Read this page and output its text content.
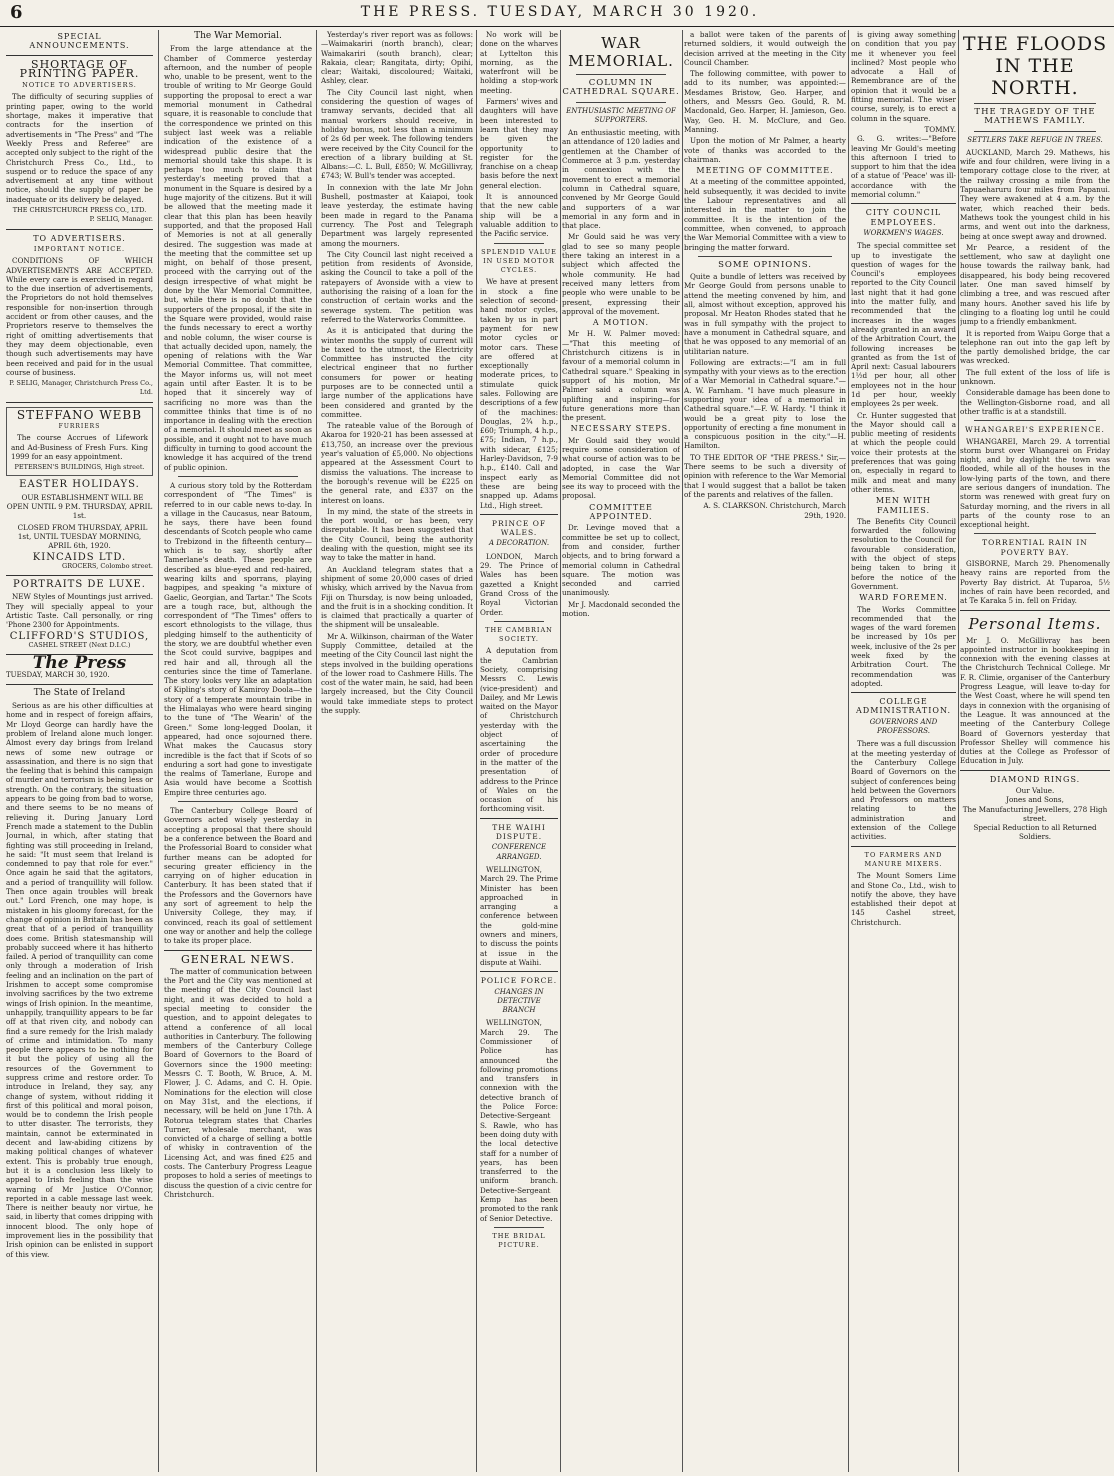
6	THE PRESS. TUESDAY, MARCH 30 1920.
SPECIAL ANNOUNCEMENTS.
SHORTAGE OF PRINTING PAPER.
NOTICE TO ADVERTISERS.

The difficulty of securing supplies of printing paper, owing to the world shortage, makes it imperative that contracts for the insertion of advertisements in "The Press" and "The Weekly Press and Referee" are accepted only subject to the right of the Christchurch Press Co., Ltd., to suspend or to reduce the space of any advertisement at any time without notice, should the supply of paper be inadequate or its delivery be delayed.

THE CHRISTCHURCH PRESS CO., LTD.
P. SELIG, Manager.
TO ADVERTISERS.
IMPORTANT NOTICE.

CONDITIONS OF WHICH ADVERTISEMENTS ARE ACCEPTED. While every care is exercised in regard to the due insertion of advertisements, the Proprietors do not hold themselves responsible for non-insertion through accident or from other causes, and the Proprietors reserve to themselves the right of omitting advertisements that they may deem objectionable, even though such advertisements may have been received and paid for in the usual course of business.

P. SELIG, Manager, Christchurch Press Co., Ltd.
STEFFANO WEBB
FURRIERS

The course Accrues of Lifework and Ad-Business of Fresh Furs. King 1999 for an easy appointment.

PETERSEN'S BUILDINGS, High street.
EASTER HOLIDAYS.

OUR ESTABLISHMENT WILL BE OPEN UNTIL 9 P.M. THURSDAY, APRIL 1st.

CLOSED FROM THURSDAY, APRIL 1st, UNTIL TUESDAY MORNING, APRIL 6th, 1920.

KINCAIDS LTD.
GROCERS, Colombo street.
PORTRAITS DE LUXE.

NEW Styles of Mountings just arrived. They will specially appeal to your Artistic Taste. Call personally, or ring 'Phone 2300 for Appointments.

CLIFFORD'S STUDIOS,
CASHEL STREET (Next D.I.C.)
The Press
TUESDAY, MARCH 30, 1920.
The State of Ireland

Serious as are his other difficulties at home and in respect of foreign affairs, Mr Lloyd George can hardly have the problem of Ireland alone much longer. Almost every day brings from Ireland news of some new outrage or assassination, and there is no sign that the feeling that is behind this campaign of murder and terrorism is being less or strength. On the contrary, the situation appears to be going from bad to worse, and there seems to be no means of relieving it. During January Lord French made a statement to the Dublin Journal, in which, after stating that fighting was still proceeding in Ireland, he said: "It must seem that Ireland is condemned to pay that role for ever." Once again he said that the agitators, and a period of tranquillity will follow. Then once again troubles will break out." Lord French, one may hope, is mistaken in his gloomy forecast, for the change of opinion in Britain has been as great that of a period of tranquillity does come. British statesmanship will probably succeed where it has hitherto failed. A period of tranquillity can come only through a moderation of Irish feeling and an inclination on the part of Irishmen to accept some compromise involving sacrifices by the two extreme wings of Irish opinion. In the meantime, unhappily, tranquillity appears to be far off at that riven city, and nobody can find a sure remedy for the Irish malady of crime and intimidation. To many people there appears to be nothing for it but the policy of using all the resources of the Government to suppress crime and restore order. To introduce in Ireland, they say, any change of system, without ridding it first of this political and moral poison, would be to condemn the Irish people to utter disaster. The terrorists, they maintain, cannot be exterminated in decent and law-abiding citizens by making political changes of whatever extent. This is probably true enough, but it is a conclusion less likely to appeal to Irish feeling than the wise warning of Mr Justice O'Connor, reported in a cable message last week. There is neither beauty nor virtue, he said, in liberty that comes dripping with innocent blood. The only hope of improvement lies in the possibility that Irish opinion can be enlisted in support of this view.

The War Memorial.

From the large attendance at the Chamber of Commerce yesterday afternoon, and the number of people who, unable to be present, went to the trouble of writing to Mr George Gould supporting the proposal to erect a war memorial monument in Cathedral square, it is reasonable to conclude that the correspondence we printed on this subject last week was a reliable indication of the existence of a widespread public desire that the memorial should take this shape. It is perhaps too much to claim that yesterday's meeting proved that a monument in the Square is desired by a huge majority of the citizens. But it will be allowed that the meeting made it clear that this plan has been heavily supported, and that the proposed Hall of Memories is not at all generally desired. The suggestion was made at the meeting that the committee set up might, on behalf of those present, proceed with the carrying out of the design irrespective of what might be done by the War Memorial Committee, but, while there is no doubt that the supporters of the proposal, if the site in the Square were provided, would raise the funds necessary to erect a worthy and noble column, the wiser course is that actually decided upon, namely, the opening of relations with the War Memorial Committee. That committee, the Mayor informs us, will not meet again until after Easter. It is to be hoped that it sincerely way of sacrificing no more was than the committee thinks that time is of no importance in dealing with the erection of a memorial. It should meet as soon as possible, and it ought not to have much difficulty in turning to good account the knowledge it has acquired of the trend of public opinion.

A curious story told by the Rotterdam correspondent of "The Times" is referred to in our cable news to-day. In a village in the Caucasus, near Batoum, he says, there have been found descendants of Scotch people who came to Trebizond in the fifteenth century—which is to say, shortly after Tamerlane's death. These people are described as blue-eyed and red-haired, wearing kilts and sporrans, playing bagpipes, and speaking "a mixture of Gaelic, Georgian, and Tartar." The Scots are a tough race, but, although the correspondent of "The Times" offers to escort ethnologists to the village, thus pledging himself to the authenticity of the story, we are doubtful whether even the Scot could survive, bagpipes and red hair and all, through all the centuries since the time of Tamerlane. The story looks very like an adaptation of Kipling's story of Kamiroy Doola—the story of a temperate mountain tribe in the Himalayas who were heard singing to the tune of "The Wearin' of the Green." Some long-legged Doolan, it appeared, had once sojourned there. What makes the Caucasus story incredible is the fact that if Scots of so enduring a sort had gone to investigate the realms of Tamerlane, Europe and Asia would have become a Scottish Empire three centuries ago.

The Canterbury College Board of Governors acted wisely yesterday in accepting a proposal that there should be a conference between the Board and the Professorial Board to consider what further means can be adopted for securing greater efficiency in the carrying on of higher education in Canterbury. It has been stated that if the Professors and the Governors have any sort of agreement to help the University College, they may, if convinced, reach its goal of settlement one way or another and help the college to take its proper place.

GENERAL NEWS.

The matter of communication between the Port and the City was mentioned at the meeting of the City Council last night, and it was decided to hold a special meeting to consider the question, and to appoint delegates to attend a conference of all local authorities in Canterbury. The following members of the Canterbury College Board of Governors to the Board of Governors since the 1900 meeting: Messrs C. T. Booth, W. Bruce, A. M. Flower, J. C. Adams, and C. H. Opie. Nominations for the election will close on May 31st, and the elections, if necessary, will be held on June 17th. A Rotorua telegram states that Charles Turner, wholesale merchant, was convicted of a charge of selling a bottle of whisky in contravention of the Licensing Act, and was fined £25 and costs. The Canterbury Progress League proposes to hold a series of meetings to discuss the question of a civic centre for Christchurch.

Yesterday's river report was as follows:—Waimakariri (north branch), clear; Waimakariri (south branch), clear; Rakaia, clear; Rangitata, dirty; Opihi, clear; Waitaki, discoloured; Waitaki, Ashley, clear.

The City Council last night, when considering the question of wages of tramway servants, decided that all manual workers should receive, in holiday bonus, not less than a minimum of 2s 6d per week. The following tenders were received by the City Council for the erection of a library building at St. Albans:—C. L. Bull, £850; W. McGillivray, £743; W. Bull's tender was accepted.

In connexion with the late Mr John Bushell, postmaster at Kaiapoi, took leave yesterday, the estimate having been made in regard to the Panama currency. The Post and Telegraph Department was largely represented among the mourners.

The City Council last night received a petition from residents of Avonside, asking the Council to take a poll of the ratepayers of Avonside with a view to authorising the raising of a loan for the construction of certain works and the sewerage system. The petition was referred to the Waterworks Committee.

As it is anticipated that during the winter months the supply of current will be taxed to the utmost, the Electricity Committee has instructed the city electrical engineer that no further consumers for power or heating purposes are to be connected until a large number of the applications have been considered and granted by the committee.

The rateable value of the Borough of Akaroa for 1920-21 has been assessed at £13,750, an increase over the previous year's valuation of £5,000. No objections appeared at the Assessment Court to dismiss the valuations. The increase to the borough's revenue will be £225 on the general rate, and £337 on the interest on loans.

In my mind, the state of the streets in the port would, or has been, very disreputable. It has been suggested that the City Council, being the authority dealing with the question, might see its way to take the matter in hand.

An Auckland telegram states that a shipment of some 20,000 cases of dried whisky, which arrived by the Navua from Fiji on Thursday, is now being unloaded, and the fruit is in a shocking condition. It is claimed that practically a quarter of the shipment will be unsaleable.

Mr A. Wilkinson, chairman of the Water Supply Committee, detailed at the meeting of the City Council last night the steps involved in the building operations of the lower road to Cashmere Hills. The cost of the water main, he said, had been largely increased, but the City Council would take immediate steps to protect the supply.

No work will be done on the wharves at Lyttelton this morning, as the waterfront will be holding a stop-work meeting.

Farmers' wives and daughters will have been interested to learn that they may be given the opportunity to register for the franchise on a cheap basis before the next general election.

It is announced that the new cable ship will be a valuable addition to the Pacific service.

SPLENDID VALUE IN USED MOTOR CYCLES.

We have at present in stock a fine selection of second-hand motor cycles, taken by us in part payment for new motor cycles or motor cars. These are offered at exceptionally moderate prices, to stimulate quick sales. Following are descriptions of a few of the machines: Douglas, 2¾ h.p., £60; Triumph, 4 h.p., £75; Indian, 7 h.p., with sidecar, £125; Harley-Davidson, 7-9 h.p., £140. Call and inspect early as these are being snapped up. Adams Ltd., High street.

PRINCE OF WALES.
A DECORATION.

LONDON, March 29. The Prince of Wales has been gazetted a Knight Grand Cross of the Royal Victorian Order.

THE CAMBRIAN SOCIETY.

A deputation from the Cambrian Society, comprising Messrs C. Lewis (vice-president) and Dailey, and Mr Lewis waited on the Mayor of Christchurch yesterday with the object of ascertaining the order of procedure in the matter of the presentation of address to the Prince of Wales on the occasion of his forthcoming visit.

THE WAIHI DISPUTE.
CONFERENCE ARRANGED.

WELLINGTON, March 29. The Prime Minister has been approached in arranging a conference between the gold-mine owners and miners, to discuss the points at issue in the dispute at Waihi.

POLICE FORCE.
CHANGES IN DETECTIVE BRANCH

WELLINGTON, March 29. The Commissioner of Police has announced the following promotions and transfers in connexion with the detective branch of the Police Force: Detective-Sergeant S. Rawle, who has been doing duty with the local detective staff for a number of years, has been transferred to the uniform branch. Detective-Sergeant Kemp has been promoted to the rank of Senior Detective.

THE BRIDAL PICTURE.
WAR MEMORIAL.
COLUMN IN CATHEDRAL SQUARE.
ENTHUSIASTIC MEETING OF SUPPORTERS.

An enthusiastic meeting, with an attendance of 120 ladies and gentlemen at the Chamber of Commerce at 3 p.m. yesterday in connexion with the movement to erect a memorial column in Cathedral square, convened by Mr George Gould and supporters of a war memorial in any form and in that place.

Mr Gould said he was very glad to see so many people there taking an interest in a subject which affected the whole community. He had received many letters from people who were unable to be present, expressing their approval of the movement.

A MOTION.

Mr H. W. Palmer moved:—"That this meeting of Christchurch citizens is in favour of a memorial column in Cathedral square." Speaking in support of his motion, Mr Palmer said a column was uplifting and inspiring—for future generations more than the present.

NECESSARY STEPS.

Mr Gould said they would require some consideration of what course of action was to be adopted, in case the War Memorial Committee did not see its way to proceed with the proposal.

COMMITTEE APPOINTED.

Dr. Levinge moved that a committee be set up to collect, from and consider, further objects, and to bring forward a memorial column in Cathedral square. The motion was seconded and carried unanimously.

Mr J. Macdonald seconded the motion.

a ballot were taken of the parents of returned soldiers, it would outweigh the decision arrived at the meeting in the City Council Chamber.

The following committee, with power to add to its number, was appointed:—Mesdames Bristow, Geo. Harper, and others, and Messrs Geo. Gould, R. M. Macdonald, Geo. Harper, H. Jamieson, Geo. Way, Geo. H. M. McClure, and Geo. Manning.

Upon the motion of Mr Palmer, a hearty vote of thanks was accorded to the chairman.

MEETING OF COMMITTEE.

At a meeting of the committee appointed, held subsequently, it was decided to invite the Labour representatives and all interested in the matter to join the committee. It is the intention of the committee, when convened, to approach the War Memorial Committee with a view to bringing the matter forward.

SOME OPINIONS.

Quite a bundle of letters was received by Mr George Gould from persons unable to attend the meeting convened by him, and all, almost without exception, approved his proposal. Mr Heaton Rhodes stated that he was in full sympathy with the project to have a monument in Cathedral square, and that he was opposed to any memorial of an utilitarian nature.

Following are extracts:—"I am in full sympathy with your views as to the erection of a War Memorial in Cathedral square."—A. W. Farnham. "I have much pleasure in supporting your idea of a memorial in Cathedral square."—F. W. Hardy. "I think it would be a great pity to lose the opportunity of erecting a fine monument in a conspicuous position in the city."—H. Hamilton.

TO THE EDITOR OF "THE PRESS." Sir,—There seems to be such a diversity of opinion with reference to the War Memorial that I would suggest that a ballot be taken of the parents and relatives of the fallen.

A. S. CLARKSON. Christchurch, March 29th, 1920.

is giving away something on condition that you pay me it whenever you feel inclined? Most people who advocate a Hall of Remembrance are of the opinion that it would be a fitting memorial. The wiser course, surely, is to erect a column in the square.

TOMMY.

G. G. writes:—"Before leaving Mr Gould's meeting this afternoon I tried to support to him that the idea of a statue of 'Peace' was ill-accordance with the memorial column."

CITY COUNCIL EMPLOYEES.
WORKMEN'S WAGES.

The special committee set up to investigate the question of wages for the Council's employees reported to the City Council last night that it had gone into the matter fully, and recommended that the increases in the wages already granted in an award of the Arbitration Court, the following increases be granted as from the 1st of April next: Casual labourers 1½d per hour, all other employees not in the hour 1d per hour, weekly employees 2s per week.

Cr. Hunter suggested that the Mayor should call a public meeting of residents at which the people could voice their protests at the preferences that was going on, especially in regard to milk and meat and many other items.

MEN WITH FAMILIES.

The Benefits City Council forwarded the following resolution to the Council for favourable consideration, with the object of steps being taken to bring it before the notice of the Government.

WARD FOREMEN.

The Works Committee recommended that the wages of the ward foremen be increased by 10s per week, inclusive of the 2s per week fixed by the Arbitration Court. The recommendation was adopted.

COLLEGE ADMINISTRATION.
GOVERNORS AND PROFESSORS.

There was a full discussion at the meeting yesterday of the Canterbury College Board of Governors on the subject of conferences being held between the Governors and Professors on matters relating to the administration and extension of the College activities.

TO FARMERS AND MANURE MIXERS.

The Mount Somers Lime and Stone Co., Ltd., wish to notify the above, they have established their depot at 145 Cashel street, Christchurch.

THE FLOODS IN THE NORTH.
THE TRAGEDY OF THE MATHEWS FAMILY.
SETTLERS TAKE REFUGE IN TREES.

AUCKLAND, March 29. Mathews, his wife and four children, were living in a temporary cottage close to the river, at the railway crossing a mile from the Tapuaeharuru four miles from Papanui. They were awakened at 4 a.m. by the water, which reached their beds. Mathews took the youngest child in his arms, and went out into the darkness, being at once swept away and drowned.

Mr Pearce, a resident of the settlement, who saw at daylight one house towards the railway bank, had disappeared, his body being recovered later. One man saved himself by climbing a tree, and was rescued after many hours. Another saved his life by clinging to a floating log until he could jump to a friendly embankment.

It is reported from Waipu Gorge that a telephone ran out into the gap left by the partly demolished bridge, the car was wrecked.

The full extent of the loss of life is unknown.

Considerable damage has been done to the Wellington-Gisborne road, and all other traffic is at a standstill.

WHANGAREI'S EXPERIENCE.

WHANGAREI, March 29. A torrential storm burst over Whangarei on Friday night, and by daylight the town was flooded, while all of the houses in the low-lying parts of the town, and there are serious dangers of inundation. The storm was renewed with great fury on Saturday morning, and the rivers in all parts of the county rose to an exceptional height.

TORRENTIAL RAIN IN POVERTY BAY.

GISBORNE, March 29. Phenomenally heavy rains are reported from the Poverty Bay district. At Tuparoa, 5½ inches of rain have been recorded, and at Te Karaka 5 in. fell on Friday.

Personal Items.

Mr J. O. McGillivray has been appointed instructor in bookkeeping in connexion with the evening classes at the Christchurch Technical College. Mr F. R. Climie, organiser of the Canterbury Progress League, will leave to-day for the West Coast, where he will spend ten days in connexion with the organising of the League. It was announced at the meeting of the Canterbury College Board of Governors yesterday that Professor Shelley will commence his duties at the College as Professor of Education in July.

DIAMOND RINGS.
Our Value.
Jones and Sons,
The Manufacturing Jewellers, 278 High street.
Special Reduction to all Returned Soldiers.
